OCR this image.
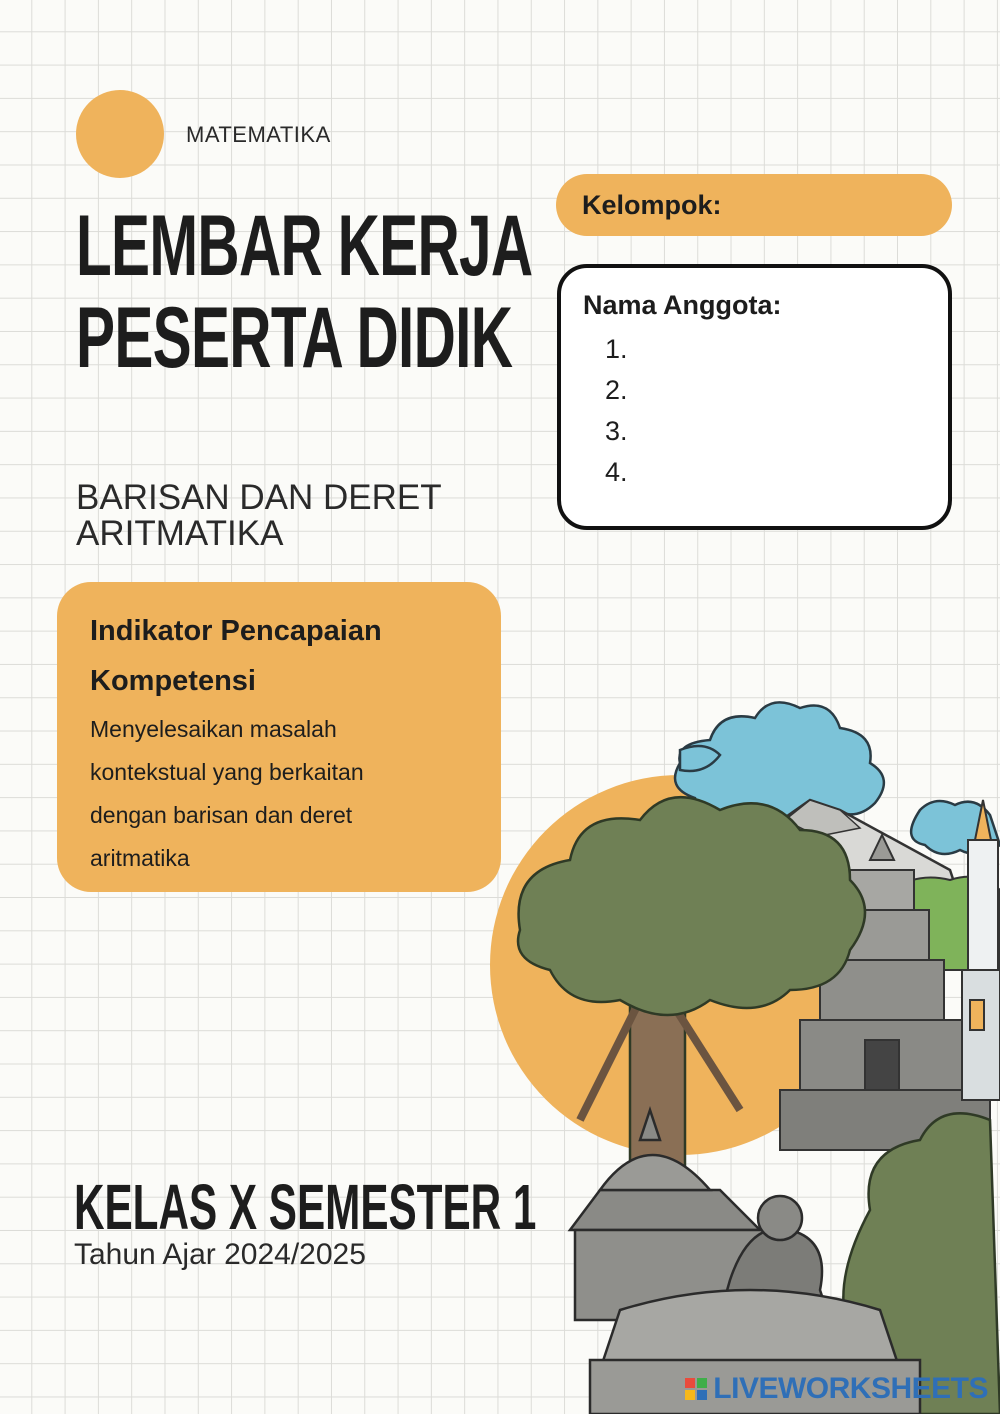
MATEMATIKA
LEMBAR KERJA
PESERTA DIDIK
BARISAN DAN DERET
ARITMATIKA
Kelompok:
Nama Anggota:
1.
2.
3.
4.
Indikator Pencapaian
Kompetensi
Menyelesaikan masalah
kontekstual yang berkaitan
dengan barisan dan deret
aritmatika
KELAS X SEMESTER 1
Tahun Ajar 2024/2025
LIVEWORKSHEETS
